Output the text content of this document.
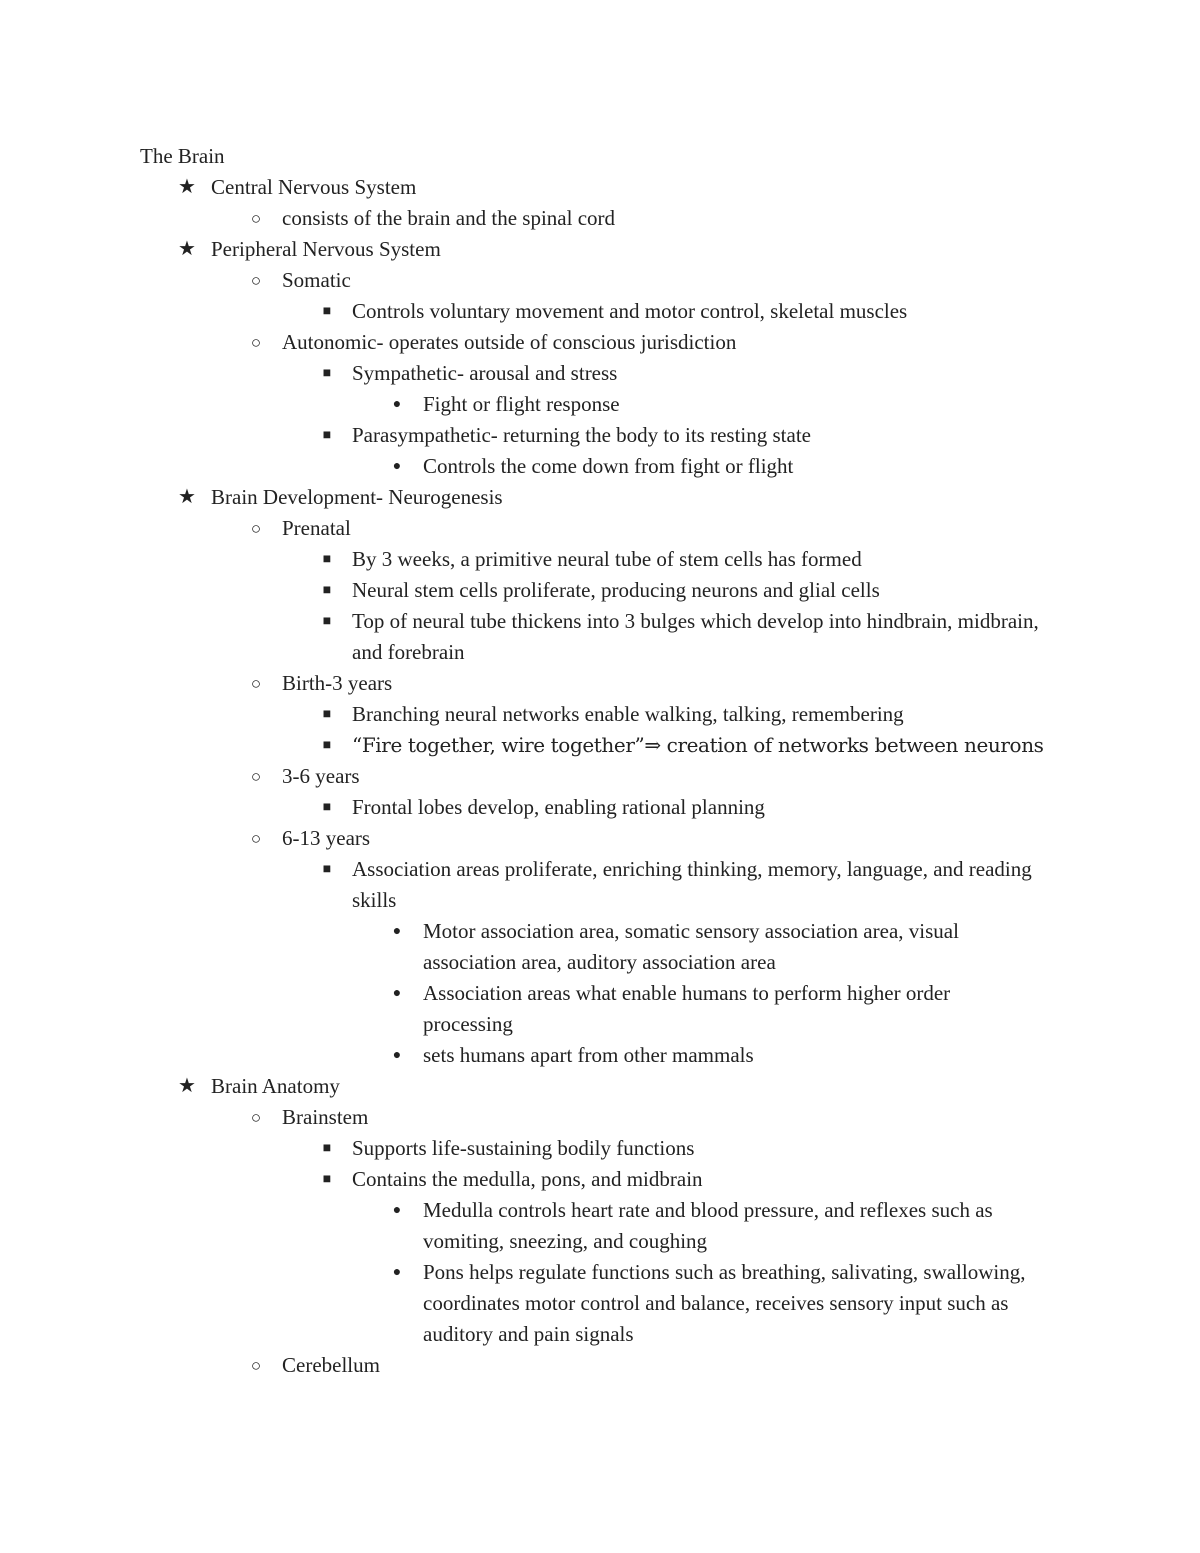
The Brain
★ Central Nervous System
○ consists of the brain and the spinal cord
★ Peripheral Nervous System
○ Somatic
■ Controls voluntary movement and motor control, skeletal muscles
○ Autonomic- operates outside of conscious jurisdiction
■ Sympathetic- arousal and stress
●	Fight or flight response
■ Parasympathetic- returning the body to its resting state
●	Controls the come down from fight or flight
★ Brain Development- Neurogenesis
○ Prenatal
■ By 3 weeks, a primitive neural tube of stem cells has formed
■ Neural stem cells proliferate, producing neurons and glial cells
■ Top of neural tube thickens into 3 bulges which develop into hindbrain, midbrain, and forebrain
○ Birth-3 years
■ Branching neural networks enable walking, talking, remembering
■	“Fire together, wire together”⇒ creation of networks between neurons
○ 3-6 years
■ Frontal lobes develop, enabling rational planning
○ 6-13 years
■ Association areas proliferate, enriching thinking, memory, language, and reading skills
●	Motor association area, somatic sensory association area, visual association area, auditory association area
●	Association areas what enable humans to perform higher order processing
●	sets humans apart from other mammals
★ Brain Anatomy
○ Brainstem
■ Supports life-sustaining bodily functions
■ Contains the medulla, pons, and midbrain
●	Medulla controls heart rate and blood pressure, and reflexes such as vomiting, sneezing, and coughing
●	Pons helps regulate functions such as breathing, salivating, swallowing, coordinates motor control and balance, receives sensory input such as auditory and pain signals
○ Cerebellum
